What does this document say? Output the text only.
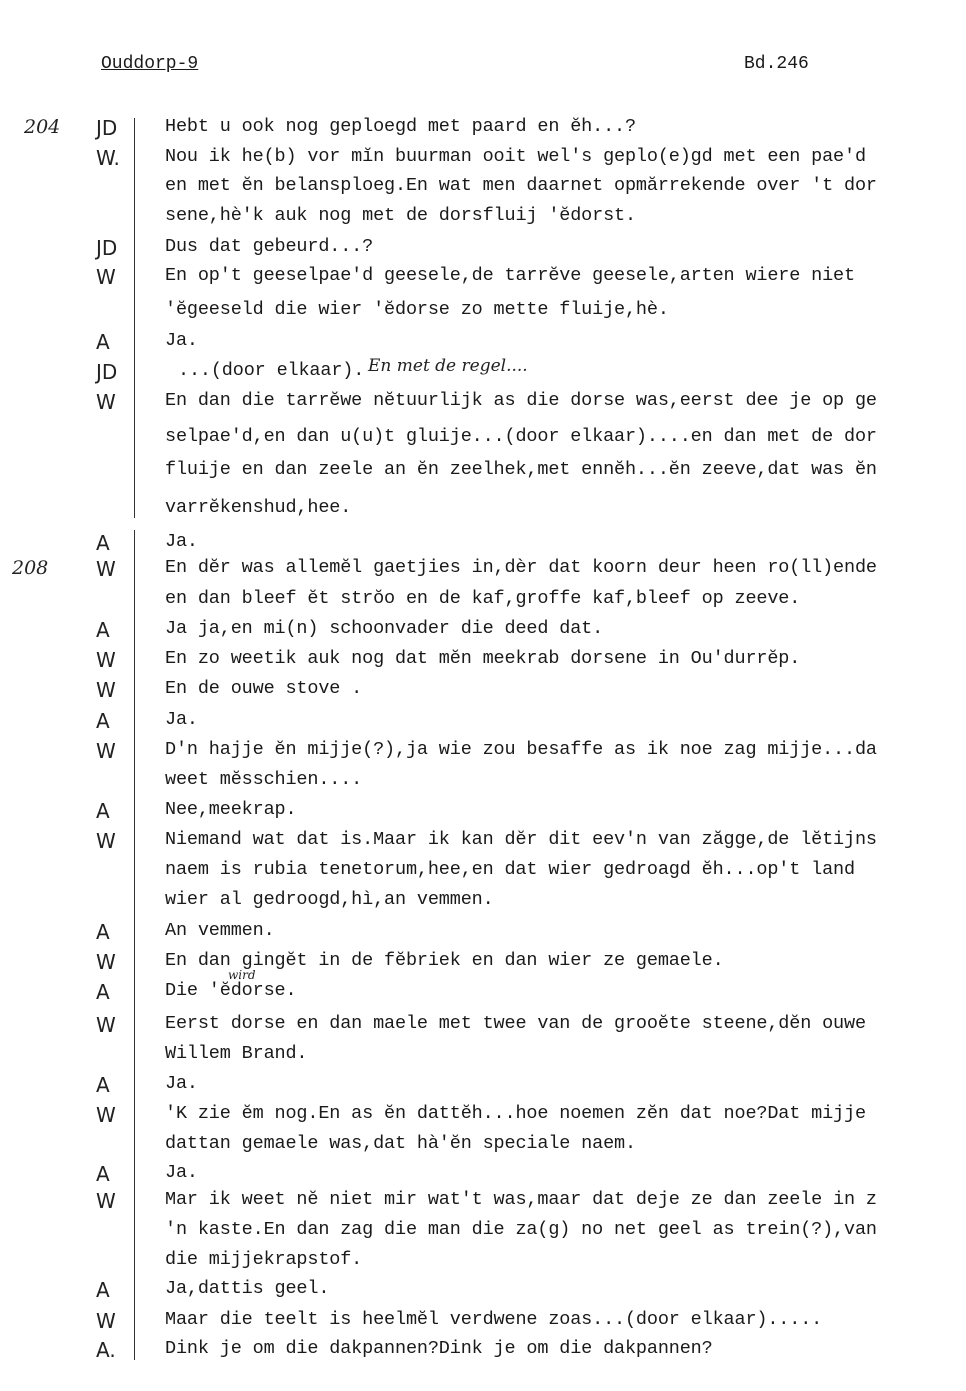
Ouddorp-9	Bd.246
204 JD	Hebt u ook nog geploegd met paard en ĕh...?
W.	Nou ik he(b) vor mĭn buurman ooit wel's geplo(e)gd met een pae'd
en met ĕn belansploeg.En wat men daarnet opmărrekende over 't dor
sene,hè'k auk nog met de dorsfluij 'ĕdorst.
JD	Dus dat gebeurd...?
W	En op't geeselpae'd geesele,de tarrĕve geesele,arten wiere niet
'ĕgeeseld die wier 'ĕdorse zo mette fluije,hè.
A	Ja.
JD	...(door elkaar). En met de regel....
W	En dan die tarrĕwe nĕtuurlijk as die dorse was,eerst dee je op ge
selpae'd,en dan u(u)t gluije...(door elkaar)....en dan met de dor
fluije en dan zeele an ĕn zeelhek,met ennĕh...ĕn zeeve,dat was ĕn
varrĕkenshud,hee.
A	Ja.
208 W	En dĕr was allemĕl gaetjies in,dèr dat koorn deur heen ro(ll)ende
en dan bleef ĕt strŏo en de kaf,groffe kaf,bleef op zeeve.
A	Ja ja,en mi(n) schoonvader die deed dat.
W	En zo weetik auk nog dat mĕn meekrab dorsene in Ou'durrĕp.
W	En de ouwe stove .
A	Ja.
W	D'n hajje ĕn mijje(?),ja wie zou besaffe as ik noe zag mijje...da
weet mĕsschien....
A	Nee,meekrap.
W	Niemand wat dat is.Maar ik kan dĕr dit eev'n van zăgge,de lĕtijns
naem is rubia tenetorum,hee,en dat wier gedroagd ĕh...op't land
wier al gedroogd,hì,an vemmen.
A	An vemmen.
W	En dan gingĕt in de fĕbriek en dan wier ze gemaele.
A	Die 'ĕdorse.
wird
W	Eerst dorse en dan maele met twee van de grooĕte steene,dĕn ouwe
Willem Brand.
A	Ja.
W	'K zie ĕm nog.En as ĕn dattĕh...hoe noemen zĕn dat noe?Dat mijje
dattan gemaele was,dat hà'ĕn speciale naem.
A	Ja.
W	Mar ik weet nĕ niet mir wat't was,maar dat deje ze dan zeele in z
'n kaste.En dan zag die man die za(g) no net geel as trein(?),van
die mijjekrapstof.
A	Ja,dattis geel.
W	Maar die teelt is heelmĕl verdwene zoas...(door elkaar).....
A.	Dink je om die dakpannen?Dink je om die dakpannen?
